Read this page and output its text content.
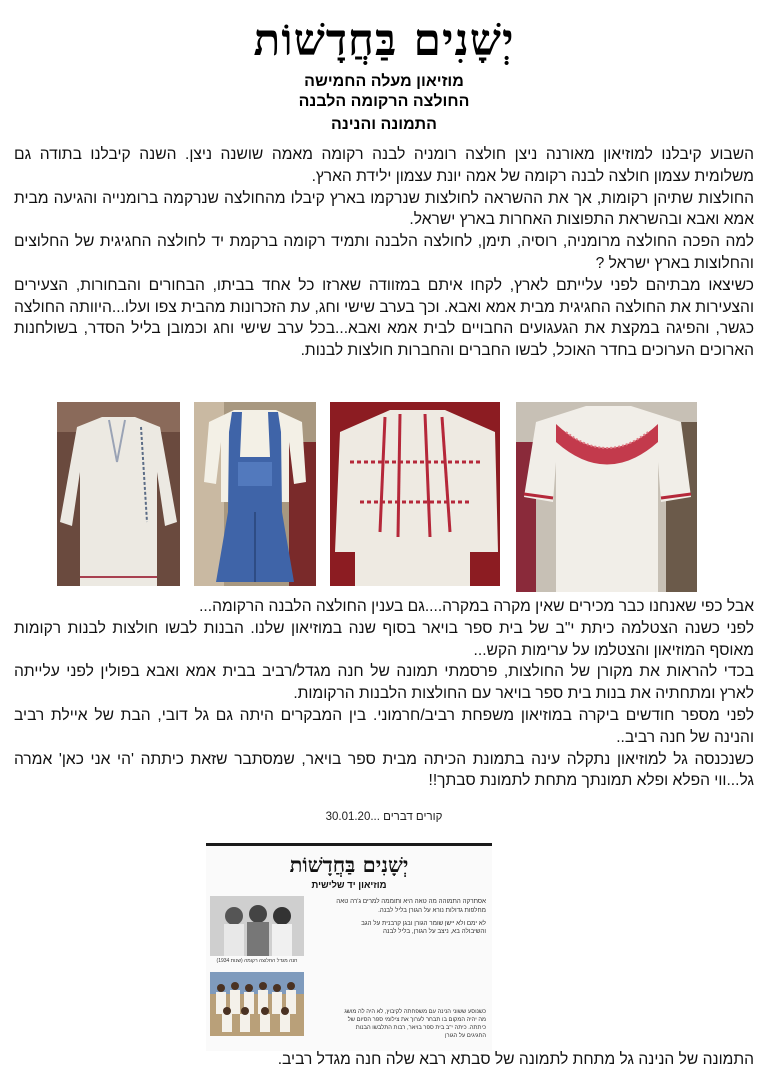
יְשָׁנִים בַּחֲדָשׁוֹת
מוזיאון מעלה החמישה
החולצה הרקומה הלבנה
התמונה והנינה

השבוע קיבלנו למוזיאון מאורנה ניצן חולצה רומניה לבנה רקומה מאמה שושנה ניצן. השנה קיבלנו בתודה גם משלומית עצמון חולצה לבנה רקומה של אמה יונת עצמון ילידת הארץ.

החולצות שתיהן רקומות, אך את ההשראה לחולצות שנרקמו בארץ קיבלו מהחולצה שנרקמה ברומנייה והגיעה מבית אמא ואבא ובהשראת התפוצות האחרות בארץ ישראל.

למה הפכה החולצה מרומניה, רוסיה, תימן, לחולצה הלבנה ותמיד רקומה ברקמת יד לחולצה החגיגית של החלוצים והחלוצות בארץ ישראל ?

כשיצאו מבתיהם לפני עלייתם לארץ, לקחו איתם במזוודה שארזו כל אחד בביתו, הבחורים והבחורות, הצעירים והצעירות את החולצה החגיגית מבית אמא ואבא. וכך בערב שישי וחג, עת הזכרונות מהבית צפו ועלו...היוותה החולצה כגשר, והפיגה במקצת את הגעגועים החבויים לבית אמא ואבא...בכל ערב שישי וחג וכמובן בליל הסדר, בשולחנות הארוכים הערוכים בחדר האוכל, לבשו החברים והחברות חולצות לבנות.

אבל כפי שאנחנו כבר מכירים שאין מקרה במקרה....גם בענין החולצה הלבנה הרקומה...

לפני כשנה הצטלמה כיתת י"ב של בית ספר בויאר בסוף שנה במוזיאון שלנו. הבנות לבשו חולצות לבנות רקומות מאוסף המוזיאון והצטלמו על ערימות הקש...

בכדי להראות את מקורן של החולצות, פרסמתי תמונה של חנה מגדל/רביב בבית אמא ואבא בפולין לפני עלייתה לארץ ומתחתיה את בנות בית ספר בויאר עם החולצות הלבנות הרקומות.

לפני מספר חודשים ביקרה במוזיאון משפחת רביב/חרמוני. בין המבקרים היתה גם גל דובי, הבת של איילת רביב והנינה של חנה רביב..

כשנכנסה גל למוזיאון נתקלה עינה בתמונת הכיתה מבית ספר בויאר, שמסתבר שזאת כיתתה 'הי אני כאן' אמרה גל...ווי הפלא ופלא תמונתך מתחת לתמונת סבתך!!

קורים דברים ...30.01.20
יְשָׁנִים בַּחֲדָשׁוֹת
מוזיאון יד שלישית
חנה מגדל החלוצה רקומה (שנות 1934)

אסתרקה התמוהה מה טאה היא ותוממה למרים ג'רה טאה מחלפות גדולות נורא על הגורן בליל לבנה.

לא ימם ולא יישן שומר הגורן ובגן קרבנית על הגב והשיבולה בא, ניצב על הגורן, בליל לבנה

כשנוסע ששוני הנינה עם משפחתה לקיבוץ, לא היה לה מושג מה יהיה המקום בו תבחר לערוך את צילומי ספר הסיום של כיתתה. כיתה י"ב בית ספר בויאר, רבות התלבשו הבנות החגיגים על הגורן
התמונה של הנינה גל מתחת לתמונה של סבתא רבא שלה חנה מגדל רביב.
